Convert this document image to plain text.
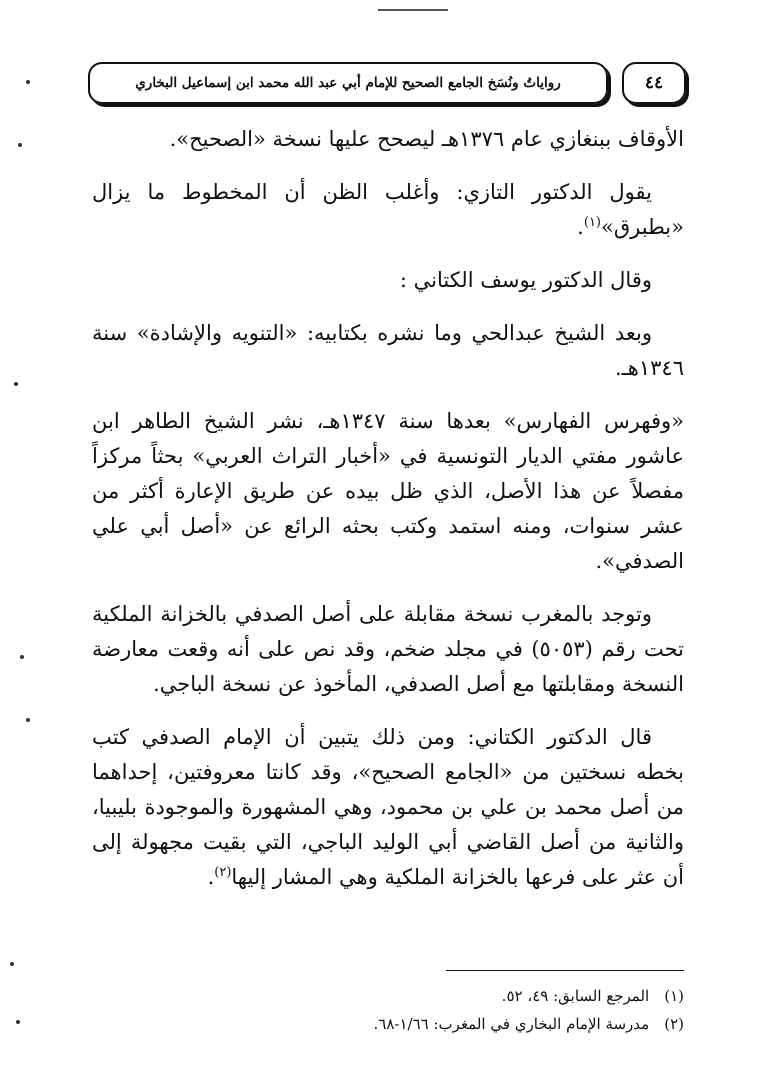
رواياتُ ونُسَخ الجامع الصحيح للإمام أبي عبد الله محمد ابن إسماعيل البخاري	٤٤

الأوقاف ببنغازي عام ١٣٧٦هـ ليصحح عليها نسخة «الصحيح».

يقول الدكتور التازي: وأغلب الظن أن المخطوط ما يزال «بطبرق»$^{(١)}$.

وقال الدكتور يوسف الكتاني :

وبعد الشيخ عبدالحي وما نشره بكتابيه: «التنويه والإشادة» سنة ١٣٤٦هـ.

«وفهرس الفهارس» بعدها سنة ١٣٤٧هـ، نشر الشيخ الطاهر ابن عاشور مفتي الديار التونسية في «أخبار التراث العربي» بحثاً مركزاً مفصلاً عن هذا الأصل، الذي ظل بيده عن طريق الإعارة أكثر من عشر سنوات، ومنه استمد وكتب بحثه الرائع عن «أصل أبي علي الصدفي».

وتوجد بالمغرب نسخة مقابلة على أصل الصدفي بالخزانة الملكية تحت رقم (٥٠٥٣) في مجلد ضخم، وقد نص على أنه وقعت معارضة النسخة ومقابلتها مع أصل الصدفي، المأخوذ عن نسخة الباجي.

قال الدكتور الكتاني: ومن ذلك يتبين أن الإمام الصدفي كتب بخطه نسختين من «الجامع الصحيح»، وقد كانتا معروفتين، إحداهما من أصل محمد بن علي بن محمود، وهي المشهورة والموجودة بليبيا، والثانية من أصل القاضي أبي الوليد الباجي، التي بقيت مجهولة إلى أن عثر على فرعها بالخزانة الملكية وهي المشار إليها$^{(٢)}$.

(١) المرجع السابق: ٤٩، ٥٢.
(٢) مدرسة الإمام البخاري في المغرب: ١/٦٦-٦٨.
